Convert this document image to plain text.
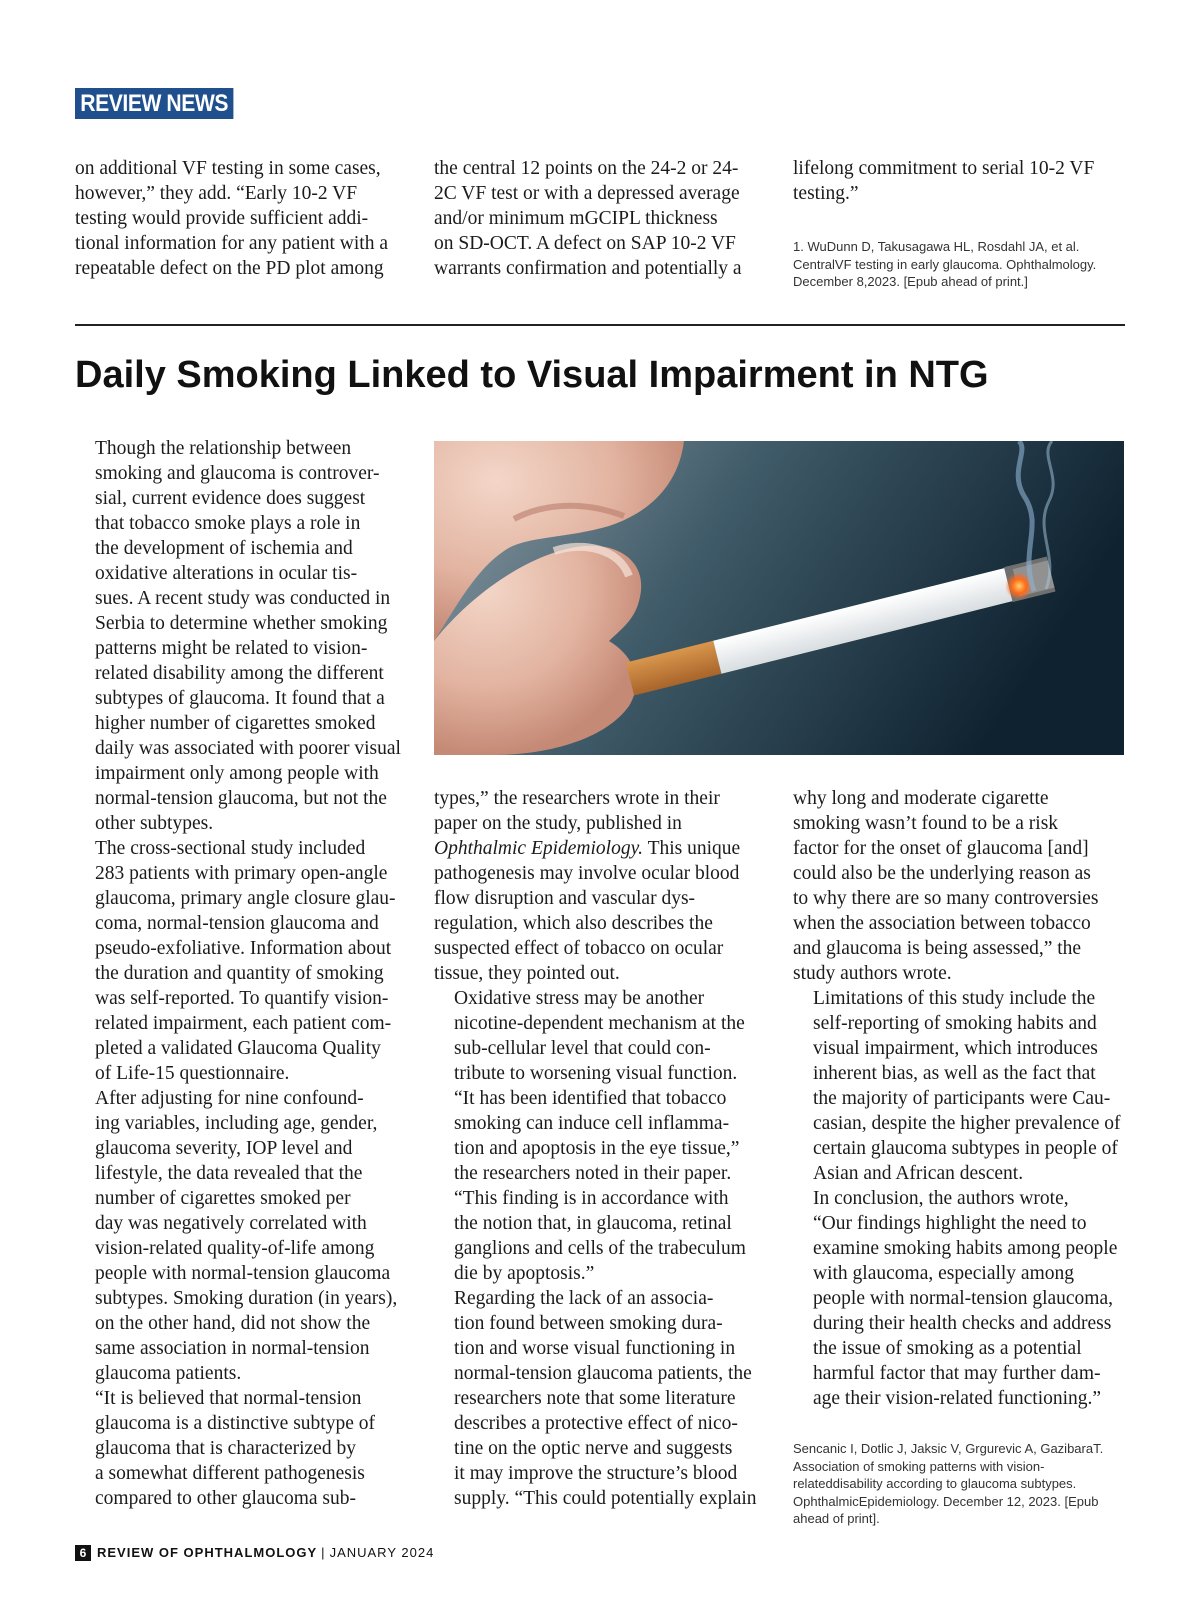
REVIEW NEWS
on additional VF testing in some cases,
however,” they add. “Early 10-2 VF
testing would provide sufficient addi-
tional information for any patient with a
repeatable defect on the PD plot among
the central 12 points on the 24-2 or 24-
2C VF test or with a depressed average
and/or minimum mGCIPL thickness
on SD-OCT. A defect on SAP 10-2 VF
warrants confirmation and potentially a
lifelong commitment to serial 10-2 VF
testing.”
1. WuDunn D, Takusagawa HL, Rosdahl JA, et al. CentralVF testing in early glaucoma. Ophthalmology. December 8,2023. [Epub ahead of print.]
Daily Smoking Linked to Visual Impairment in NTG

Though the relationship between
smoking and glaucoma is controver-
sial, current evidence does suggest
that tobacco smoke plays a role in
the development of ischemia and
oxidative alterations in ocular tis-
sues. A recent study was conducted in
Serbia to determine whether smoking
patterns might be related to vision-
related disability among the different
subtypes of glaucoma. It found that a
higher number of cigarettes smoked
daily was associated with poorer visual
impairment only among people with
normal-tension glaucoma, but not the
other subtypes.

The cross-sectional study included
283 patients with primary open-angle
glaucoma, primary angle closure glau-
coma, normal-tension glaucoma and
pseudo-exfoliative. Information about
the duration and quantity of smoking
was self-reported. To quantify vision-
related impairment, each patient com-
pleted a validated Glaucoma Quality
of Life-15 questionnaire.

After adjusting for nine confound-
ing variables, including age, gender,
glaucoma severity, IOP level and
lifestyle, the data revealed that the
number of cigarettes smoked per
day was negatively correlated with
vision-related quality-of-life among
people with normal-tension glaucoma
subtypes. Smoking duration (in years),
on the other hand, did not show the
same association in normal-tension
glaucoma patients.

“It is believed that normal-tension
glaucoma is a distinctive subtype of
glaucoma that is characterized by
a somewhat different pathogenesis
compared to other glaucoma sub-

types,” the researchers wrote in their
paper on the study, published in
Ophthalmic Epidemiology. This unique
pathogenesis may involve ocular blood
flow disruption and vascular dys-
regulation, which also describes the
suspected effect of tobacco on ocular
tissue, they pointed out.

Oxidative stress may be another
nicotine-dependent mechanism at the
sub-cellular level that could con-
tribute to worsening visual function.
“It has been identified that tobacco
smoking can induce cell inflamma-
tion and apoptosis in the eye tissue,”
the researchers noted in their paper.
“This finding is in accordance with
the notion that, in glaucoma, retinal
ganglions and cells of the trabeculum
die by apoptosis.”

Regarding the lack of an associa-
tion found between smoking dura-
tion and worse visual functioning in
normal-tension glaucoma patients, the
researchers note that some literature
describes a protective effect of nico-
tine on the optic nerve and suggests
it may improve the structure’s blood
supply. “This could potentially explain

why long and moderate cigarette
smoking wasn’t found to be a risk
factor for the onset of glaucoma [and]
could also be the underlying reason as
to why there are so many controversies
when the association between tobacco
and glaucoma is being assessed,” the
study authors wrote.

Limitations of this study include the
self-reporting of smoking habits and
visual impairment, which introduces
inherent bias, as well as the fact that
the majority of participants were Cau-
casian, despite the higher prevalence of
certain glaucoma subtypes in people of
Asian and African descent.

In conclusion, the authors wrote,
“Our findings highlight the need to
examine smoking habits among people
with glaucoma, especially among
people with normal-tension glaucoma,
during their health checks and address
the issue of smoking as a potential
harmful factor that may further dam-
age their vision-related functioning.”

Sencanic I, Dotlic J, Jaksic V, Grgurevic A, GazibaraT. Association of smoking patterns with vision-relateddisability according to glaucoma subtypes. OphthalmicEpidemiology. December 12, 2023. [Epub ahead of print].
6 REVIEW OF OPHTHALMOLOGY | JANUARY 2024
